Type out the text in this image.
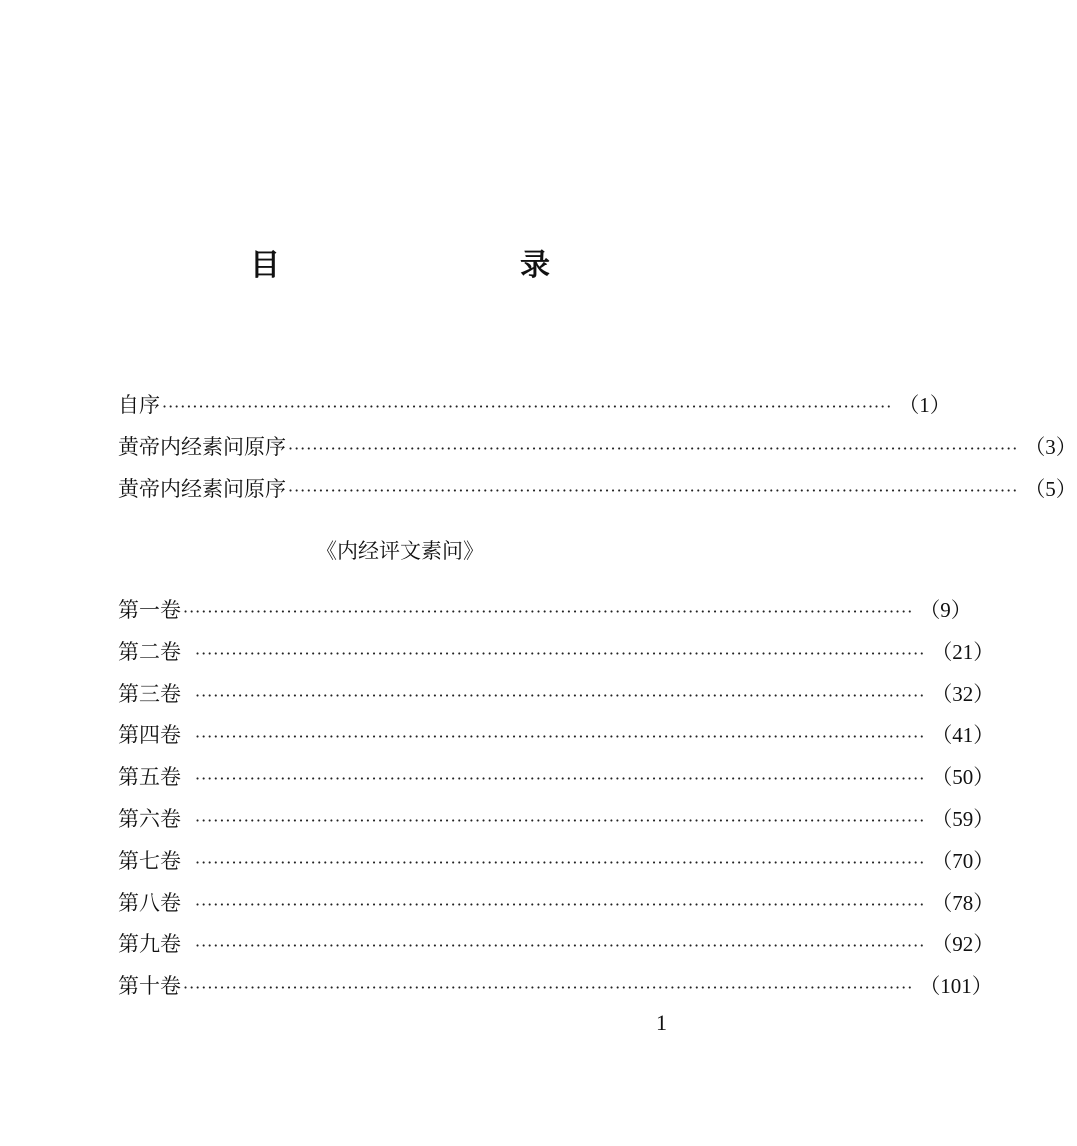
目　　录
自序 ························································································································ （1）
黄帝内经素问原序 ························································································································ （3）
黄帝内经素问原序 ························································································································ （5）
《内经评文素问》
第一卷 ························································································································ （9）
第二卷 ························································································································ （21）
第三卷 ························································································································ （32）
第四卷 ························································································································ （41）
第五卷 ························································································································ （50）
第六卷 ························································································································ （59）
第七卷 ························································································································ （70）
第八卷 ························································································································ （78）
第九卷 ························································································································ （92）
第十卷 ························································································································ （101）
1
